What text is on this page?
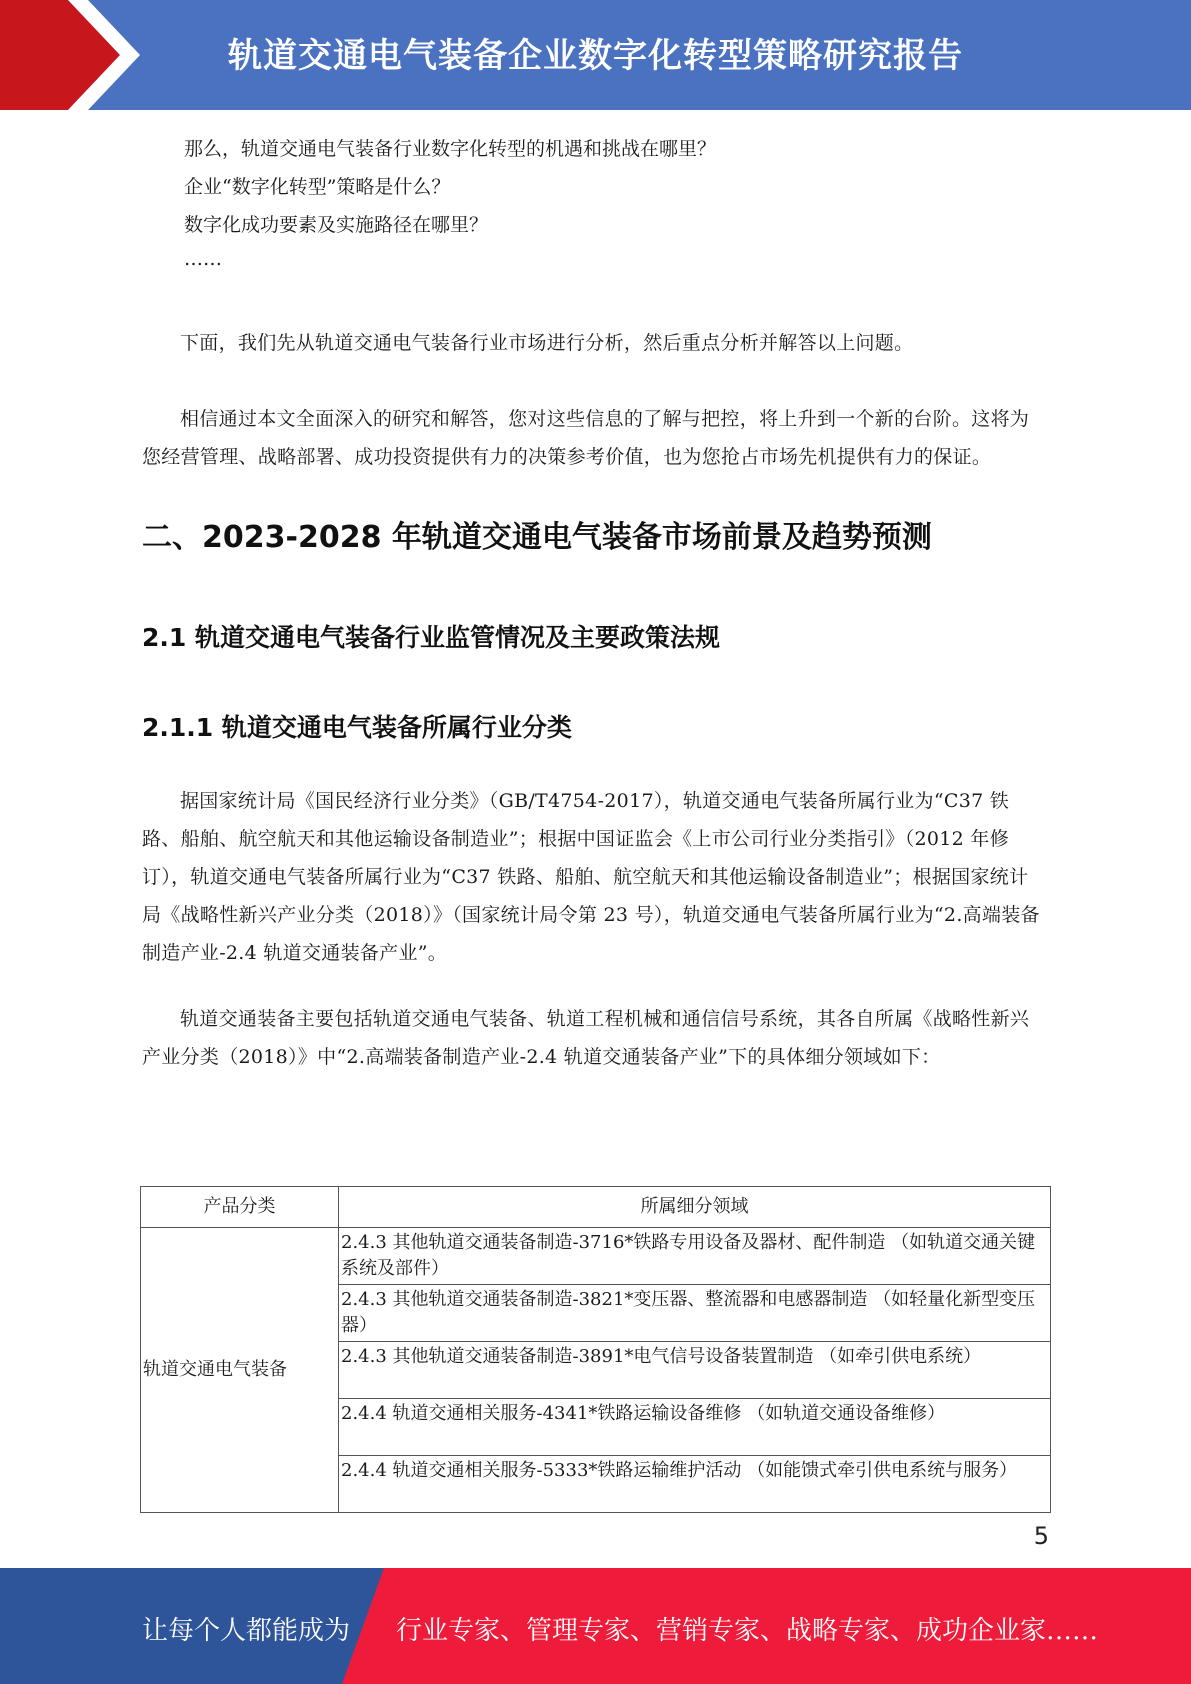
轨道交通电气装备企业数字化转型策略研究报告

那么，轨道交通电气装备行业数字化转型的机遇和挑战在哪里？

企业“数字化转型”策略是什么？

数字化成功要素及实施路径在哪里？

……

下面，我们先从轨道交通电气装备行业市场进行分析，然后重点分析并解答以上问题。

相信通过本文全面深入的研究和解答，您对这些信息的了解与把控，将上升到一个新的台阶。这将为您经营管理、战略部署、成功投资提供有力的决策参考价值，也为您抢占市场先机提供有力的保证。

二、2023-2028 年轨道交通电气装备市场前景及趋势预测
2.1 轨道交通电气装备行业监管情况及主要政策法规
2.1.1 轨道交通电气装备所属行业分类

据国家统计局《国民经济行业分类》（GB/T4754-2017），轨道交通电气装备所属行业为“C37 铁路、船舶、航空航天和其他运输设备制造业”；根据中国证监会《上市公司行业分类指引》（2012 年修订），轨道交通电气装备所属行业为“C37 铁路、船舶、航空航天和其他运输设备制造业”；根据国家统计局《战略性新兴产业分类（2018）》（国家统计局令第 23 号），轨道交通电气装备所属行业为“2.高端装备制造产业-2.4 轨道交通装备产业”。

轨道交通装备主要包括轨道交通电气装备、轨道工程机械和通信信号系统，其各自所属《战略性新兴产业分类（2018）》中“2.高端装备制造产业-2.4 轨道交通装备产业”下的具体细分领域如下：

产品分类	所属细分领域
轨道交通电气装备	2.4.3 其他轨道交通装备制造-3716*铁路专用设备及器材、配件制造 （如轨道交通关键系统及部件）
	2.4.3 其他轨道交通装备制造-3821*变压器、整流器和电感器制造 （如轻量化新型变压器）
	2.4.3 其他轨道交通装备制造-3891*电气信号设备装置制造 （如牵引供电系统）
	2.4.4 轨道交通相关服务-4341*铁路运输设备维修 （如轨道交通设备维修）
	2.4.4 轨道交通相关服务-5333*铁路运输维护活动 （如能馈式牵引供电系统与服务）
5
让每个人都能成为 行业专家、管理专家、营销专家、战略专家、成功企业家……
